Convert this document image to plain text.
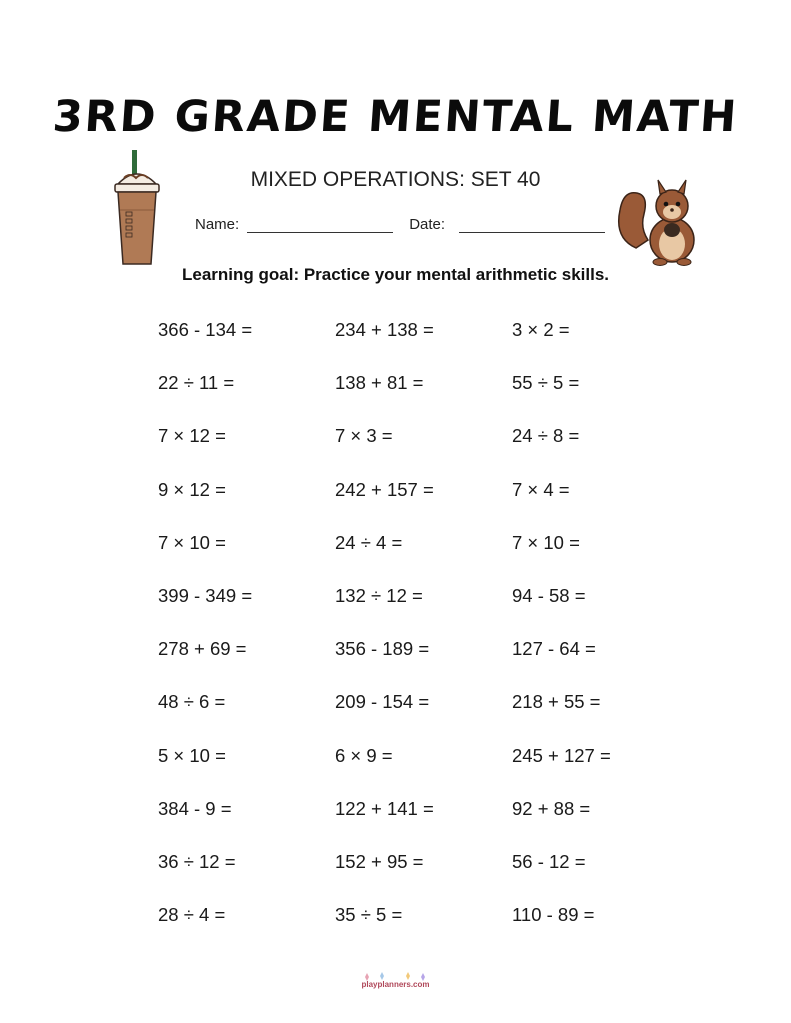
3RD GRADE MENTAL MATH
MIXED OPERATIONS: SET 40
Name:	Date:
Learning goal: Practice your mental arithmetic skills.
366 - 134 =	234 + 138 =	3 × 2 =
22 ÷ 11 =	138 + 81 =	55 ÷ 5 =
7 × 12 =	7 × 3 =	24 ÷ 8 =
9 × 12 =	242 + 157 =	7 × 4 =
7 × 10 =	24 ÷ 4 =	7 × 10 =
399 - 349 =	132 ÷ 12 =	94 - 58 =
278 + 69 =	356 - 189 =	127 - 64 =
48 ÷ 6 =	209 - 154 =	218 + 55 =
5 × 10 =	6 × 9 =	245 + 127 =
384 - 9 =	122 + 141 =	92 + 88 =
36 ÷ 12 =	152 + 95 =	56 - 12 =
28 ÷ 4 =	35 ÷ 5 =	110 - 89 =
playplanners.com
